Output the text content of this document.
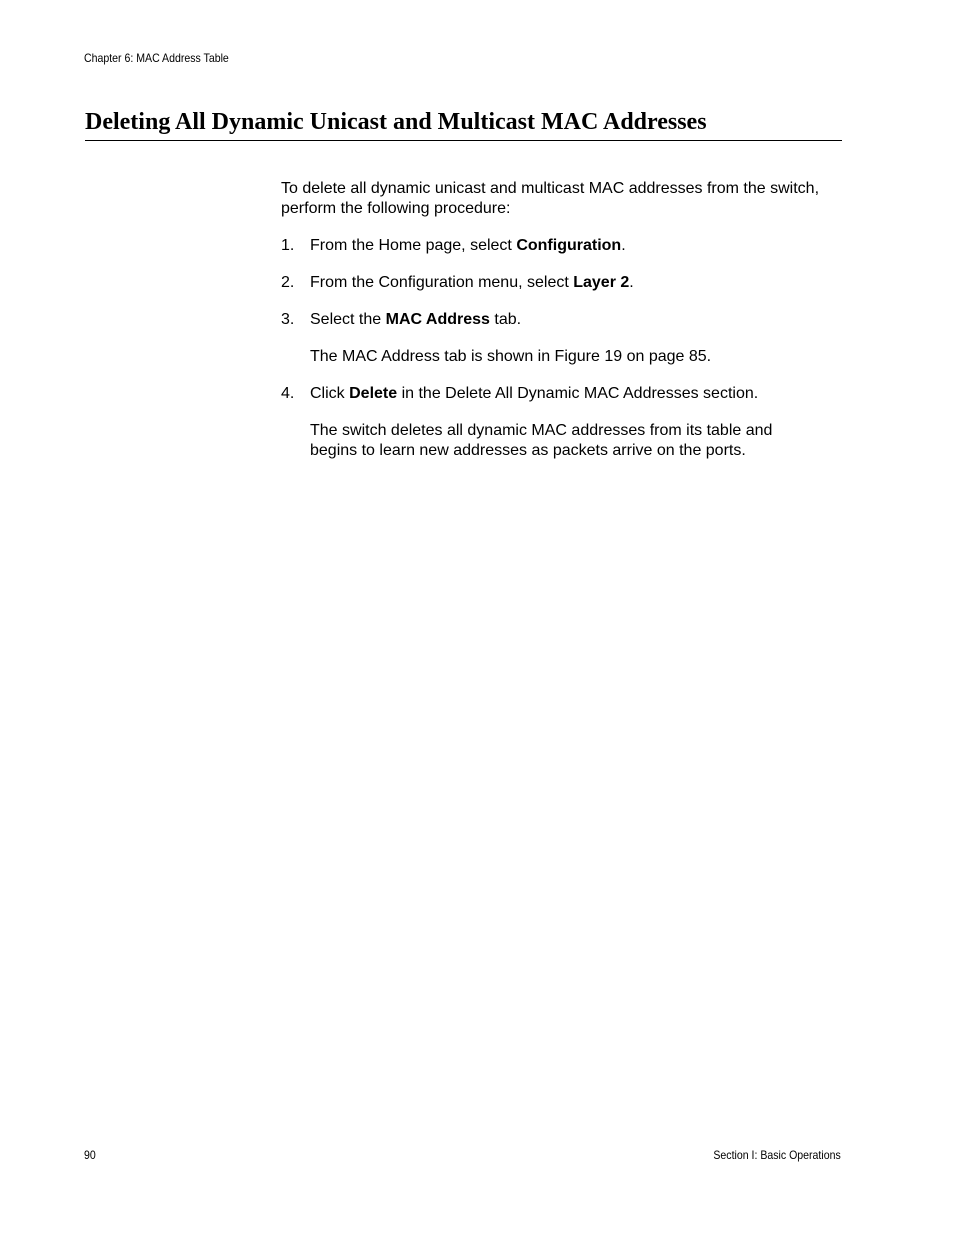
Chapter 6: MAC Address Table
Deleting All Dynamic Unicast and Multicast MAC Addresses

To delete all dynamic unicast and multicast MAC addresses from the switch, perform the following procedure:

1. From the Home page, select Configuration.

2. From the Configuration menu, select Layer 2.

3. Select the MAC Address tab.

The MAC Address tab is shown in Figure 19 on page 85.

4. Click Delete in the Delete All Dynamic MAC Addresses section.

The switch deletes all dynamic MAC addresses from its table and begins to learn new addresses as packets arrive on the ports.

90	Section I: Basic Operations
